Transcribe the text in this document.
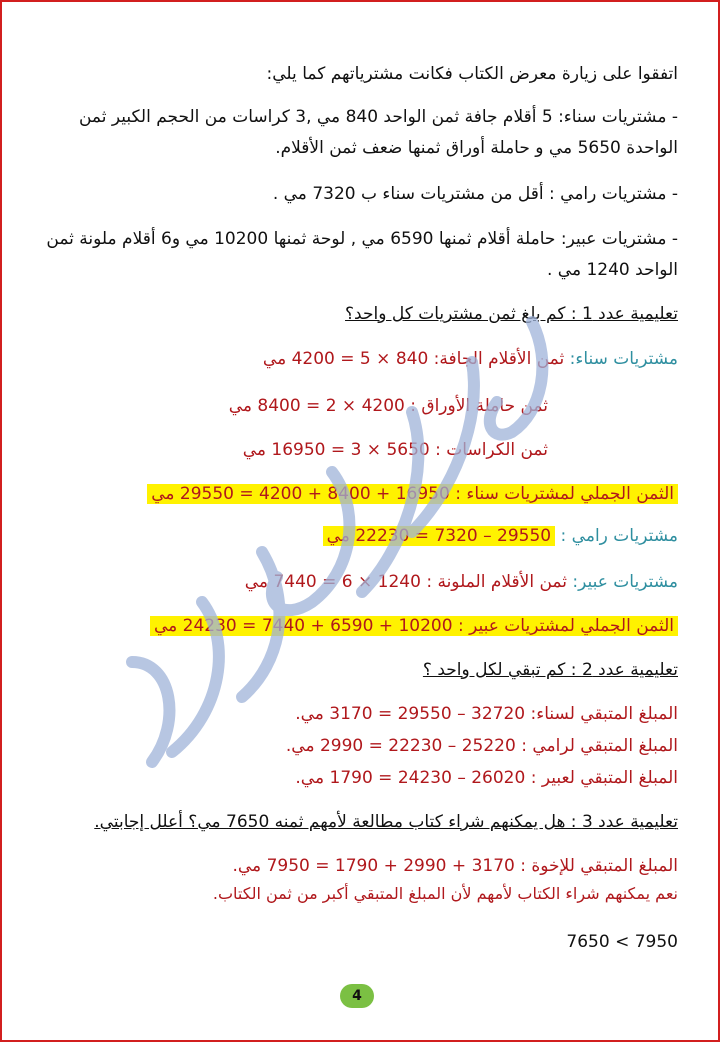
اتفقوا على زيارة معرض الكتاب فكانت مشترياتهم كما يلي:
- مشتريات سناء: 5 أقلام جافة ثمن الواحد 840 مي ,3 كراسات من الحجم الكبير ثمن الواحدة 5650 مي و حاملة أوراق ثمنها ضعف ثمن الأقلام.
- مشتريات رامي : أقل من مشتريات سناء ب 7320 مي .
- مشتريات عبير: حاملة أقلام ثمنها 6590 مي , لوحة ثمنها 10200 مي و6 أقلام ملونة ثمن الواحد 1240 مي .
تعليمية عدد 1 : كم بلغ ثمن مشتريات كل واحد؟
مشتريات سناء: ثمن الأقلام الجافة: 840 × 5 = 4200 مي
ثمن حاملة الأوراق : 4200 × 2 = 8400 مي
ثمن الكراسات : 5650 × 3 = 16950 مي
الثمن الجملي لمشتريات سناء : 16950 + 8400 + 4200 = 29550 مي
مشتريات رامي : 29550 – 7320 = 22230 مي
مشتريات عبير: ثمن الأقلام الملونة : 1240 × 6 = 7440 مي
الثمن الجملي لمشتريات عبير : 10200 + 6590 + 7440 = 24230 مي
تعليمية عدد 2 : كم تبقي لكل واحد ؟
المبلغ المتبقي لسناء: 32720 – 29550 = 3170 مي.
المبلغ المتبقي لرامي : 25220 – 22230 = 2990 مي.
المبلغ المتبقي لعبير : 26020 – 24230 = 1790 مي.
تعليمية عدد 3 : هل يمكنهم شراء كتاب مطالعة لأمهم ثمنه 7650 مي؟ أعلل إجابتي.
المبلغ المتبقي للإخوة : 3170 + 2990 + 1790 = 7950 مي.
نعم يمكنهم شراء الكتاب لأمهم لأن المبلغ المتبقي أكبر من ثمن الكتاب.
7650 < 7950
4
